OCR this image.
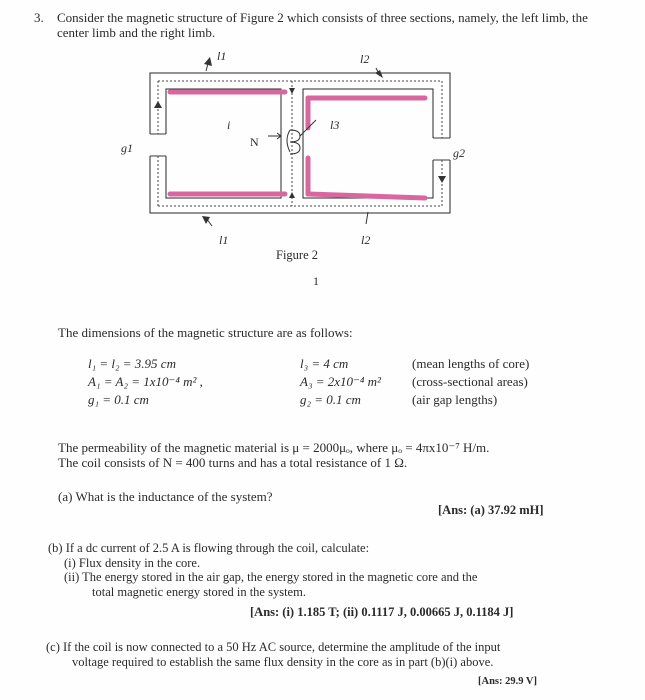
3. Consider the magnetic structure of Figure 2 which consists of three sections, namely, the left limb, the center limb and the right limb.
l1	l2
l3
i
N
g1	g2
l1	l2
Figure 2
1
The dimensions of the magnetic structure are as follows:
l₁ = l₂ = 3.95 cm	l₃ = 4 cm	(mean lengths of core)
A₁ = A₂ = 1x10⁻⁴ m² ,	A₃ = 2x10⁻⁴ m²	(cross-sectional areas)
g₁ = 0.1 cm	g₂ = 0.1 cm	(air gap lengths)
The permeability of the magnetic material is μ = 2000μₒ, where μₒ = 4πx10⁻⁷ H/m.
The coil consists of N = 400 turns and has a total resistance of 1 Ω.
(a) What is the inductance of the system?
[Ans: (a) 37.92 mH]
(b) If a dc current of 2.5 A is flowing through the coil, calculate:
(i) Flux density in the core.
(ii) The energy stored in the air gap, the energy stored in the magnetic core and the
total magnetic energy stored in the system.
[Ans: (i) 1.185 T; (ii) 0.1117 J, 0.00665 J, 0.1184 J]
(c) If the coil is now connected to a 50 Hz AC source, determine the amplitude of the input
voltage required to establish the same flux density in the core as in part (b)(i) above.
[Ans: 29.9 V]
